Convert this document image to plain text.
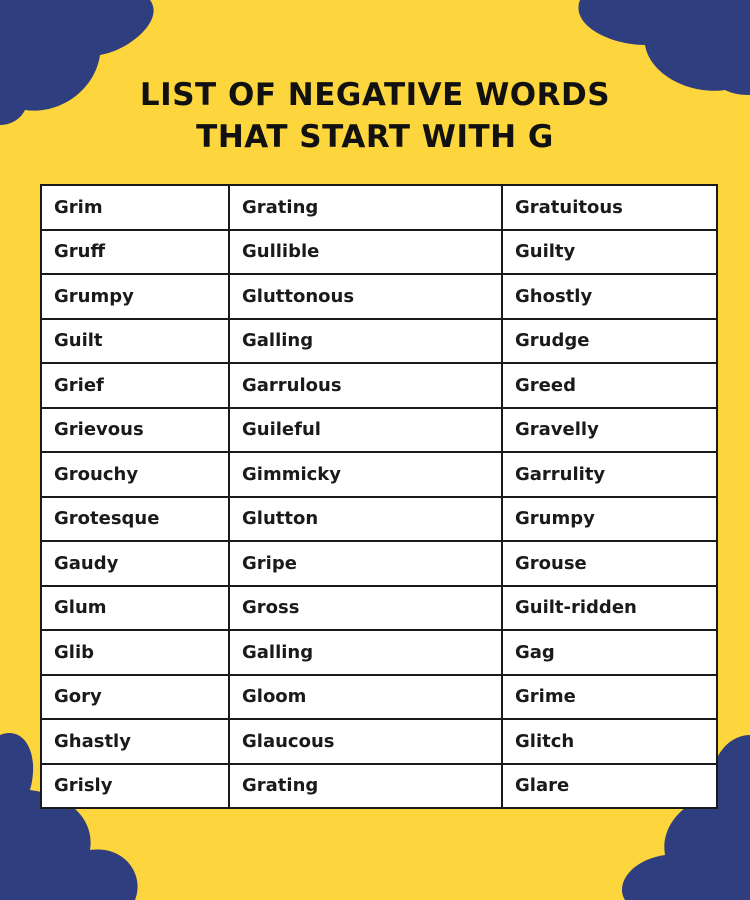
LIST OF NEGATIVE WORDS
THAT START WITH G
Grim	Grating	Gratuitous
Gruff	Gullible	Guilty
Grumpy	Gluttonous	Ghostly
Guilt	Galling	Grudge
Grief	Garrulous	Greed
Grievous	Guileful	Gravelly
Grouchy	Gimmicky	Garrulity
Grotesque	Glutton	Grumpy
Gaudy	Gripe	Grouse
Glum	Gross	Guilt-ridden
Glib	Galling	Gag
Gory	Gloom	Grime
Ghastly	Glaucous	Glitch
Grisly	Grating	Glare
